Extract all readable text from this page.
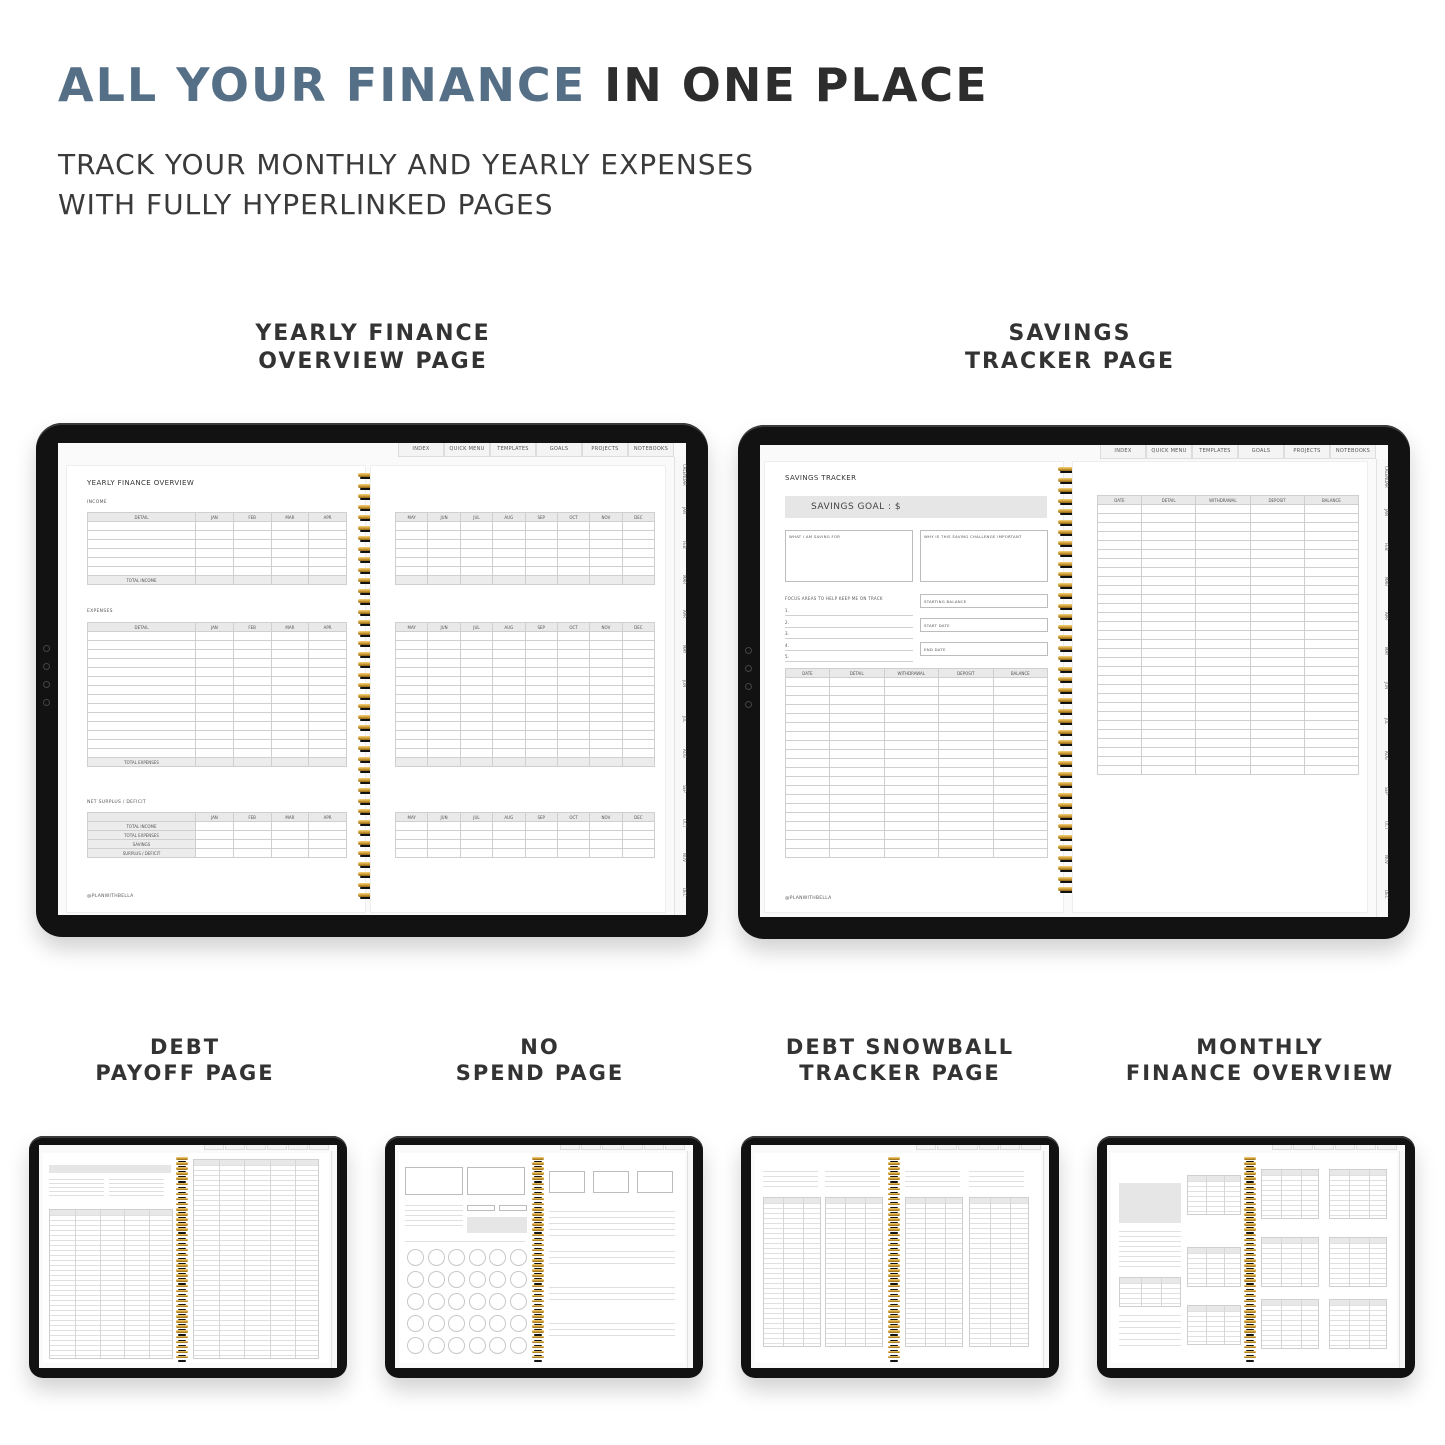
ALL YOUR FINANCE IN ONE PLACE
TRACK YOUR MONTHLY AND YEARLY EXPENSES
WITH FULLY HYPERLINKED PAGES
YEARLY FINANCE
OVERVIEW PAGE
SAVINGS
TRACKER PAGE
DEBT
PAYOFF PAGE
NO
SPEND PAGE
DEBT SNOWBALL
TRACKER PAGE
MONTHLY
FINANCE OVERVIEW
INDEX	QUICK MENU	TEMPLATES	GOALS	PROJECTS	NOTEBOOKS
CALENDAR
JAN
FEB
MAR
APR
MAY
JUN
JUL
AUG
SEP
OCT
NOV
DEC
YEARLY FINANCE OVERVIEW
INCOME
DETAIL	JAN	FEB	MAR	APR

TOTAL INCOME				
EXPENSES
DETAIL	JAN	FEB	MAR	APR

TOTAL EXPENSES				
NET SURPLUS / DEFICIT
	JAN	FEB	MAR	APR
TOTAL INCOME				
TOTAL EXPENSES				
SAVINGS				
SURPLUS / DEFICIT				
@PLANWITHBELLA
MAY	JUN	JUL	AUG	SEP	OCT	NOV	DEC

MAY	JUN	JUL	AUG	SEP	OCT	NOV	DEC

MAY	JUN	JUL	AUG	SEP	OCT	NOV	DEC

INDEX	QUICK MENU	TEMPLATES	GOALS	PROJECTS	NOTEBOOKS
CALENDAR
JAN
FEB
MAR
APR
MAY
JUN
JUL
AUG
SEP
OCT
NOV
DEC
SAVINGS TRACKER
SAVINGS GOAL : $
WHAT I AM SAVING FOR	WHY IS THIS SAVING CHALLENGE IMPORTANT
FOCUS AREAS TO HELP KEEP ME ON TRACK
STARTING BALANCE
START DATE
END DATE
DATE	DETAIL	WITHDRAWAL	DEPOSIT	BALANCE

@PLANWITHBELLA
1.
2.
3.
4.
5.
DATE	DETAIL	WITHDRAWAL	DEPOSIT	BALANCE
